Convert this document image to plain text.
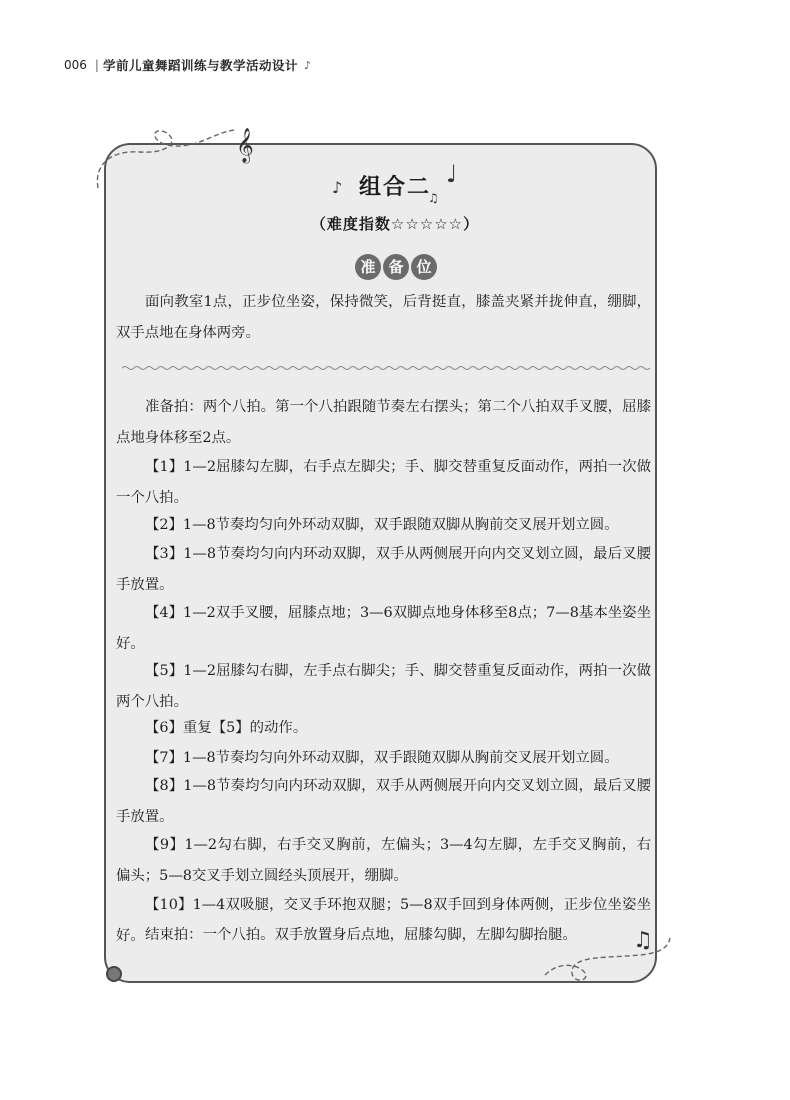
006 | 学前儿童舞蹈训练与教学活动设计 ♪
𝄞
♪	♩
♫
♫
组合二
（难度指数☆☆☆☆☆）
准 备 位

面向教室1点，正步位坐姿，保持微笑，后背挺直，膝盖夹紧并拢伸直，绷脚，双手点地在身体两旁。

准备拍：两个八拍。第一个八拍跟随节奏左右摆头；第二个八拍双手叉腰，屈膝点地身体移至2点。

【1】1—2屈膝勾左脚，右手点左脚尖；手、脚交替重复反面动作，两拍一次做一个八拍。

【2】1—8节奏均匀向外环动双脚，双手跟随双脚从胸前交叉展开划立圆。

【3】1—8节奏均匀向内环动双脚，双手从两侧展开向内交叉划立圆，最后叉腰手放置。

【4】1—2双手叉腰，屈膝点地；3—6双脚点地身体移至8点；7—8基本坐姿坐好。

【5】1—2屈膝勾右脚，左手点右脚尖；手、脚交替重复反面动作，两拍一次做两个八拍。

【6】重复【5】的动作。

【7】1—8节奏均匀向外环动双脚，双手跟随双脚从胸前交叉展开划立圆。

【8】1—8节奏均匀向内环动双脚，双手从两侧展开向内交叉划立圆，最后叉腰手放置。

【9】1—2勾右脚，右手交叉胸前，左偏头；3—4勾左脚，左手交叉胸前，右偏头；5—8交叉手划立圆经头顶展开，绷脚。

【10】1—4双吸腿，交叉手环抱双腿；5—8双手回到身体两侧，正步位坐姿坐好。 结束拍：一个八拍。双手放置身后点地，屈膝勾脚，左脚勾脚抬腿。
